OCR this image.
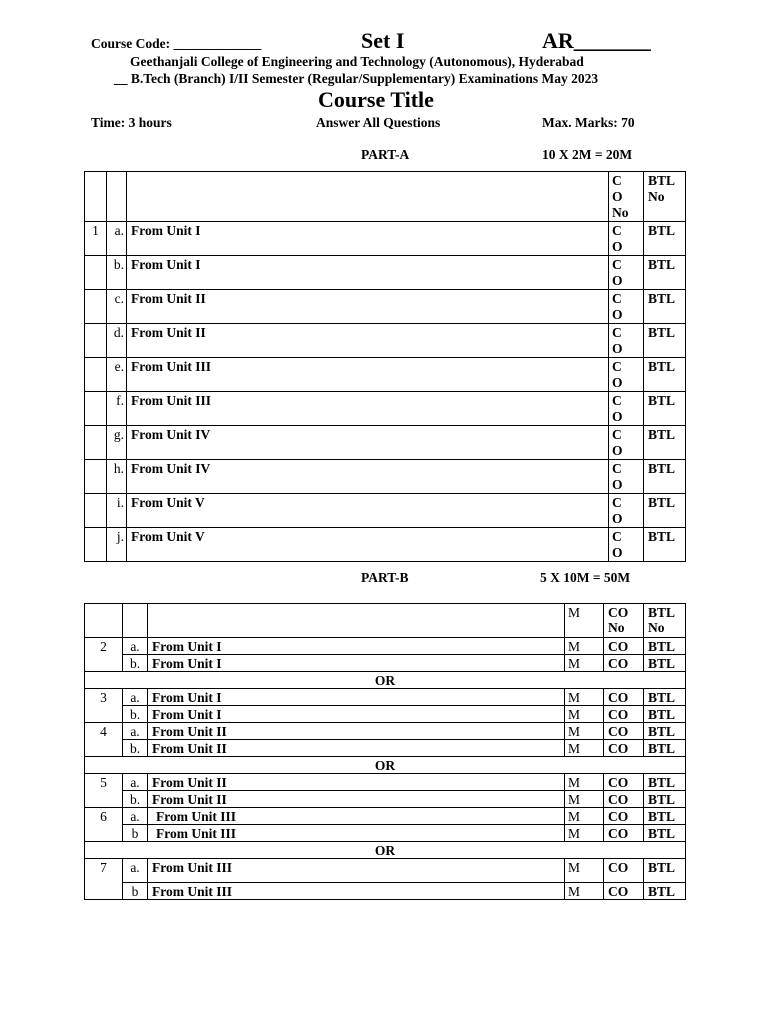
Course Code: _____________	Set I	AR_______
Geethanjali College of Engineering and Technology (Autonomous), Hyderabad
__ B.Tech (Branch) I/II Semester (Regular/Supplementary) Examinations May 2023
Course Title
Time: 3 hours	Answer All Questions	Max. Marks: 70
PART-A	10 X 2M = 20M
			C
O
No	BTL
No
1	a.	From Unit I	C
O	BTL
	b.	From Unit I	C
O	BTL
	c.	From Unit II	C
O	BTL
	d.	From Unit II	C
O	BTL
	e.	From Unit III	C
O	BTL
	f.	From Unit III	C
O	BTL
	g.	From Unit IV	C
O	BTL
	h.	From Unit IV	C
O	BTL
	i.	From Unit V	C
O	BTL
	j.	From Unit V	C
O	BTL
PART-B	5 X 10M = 50M
			M	CO
No	BTL
No
2	a.	From Unit I	M	CO	BTL
	b.	From Unit I	M	CO	BTL
OR					
3	a.	From Unit I	M	CO	BTL
	b.	From Unit I	M	CO	BTL

4	a.	From Unit II	M	CO	BTL
	b.	From Unit II	M	CO	BTL
OR					
5	a.	From Unit II	M	CO	BTL
	b.	From Unit II	M	CO	BTL
6	a.	From Unit III	M	CO	BTL
	b	From Unit III	M	CO	BTL

OR					
7	a.	From Unit III	M	CO	BTL
	b	From Unit III	M	CO	BTL
